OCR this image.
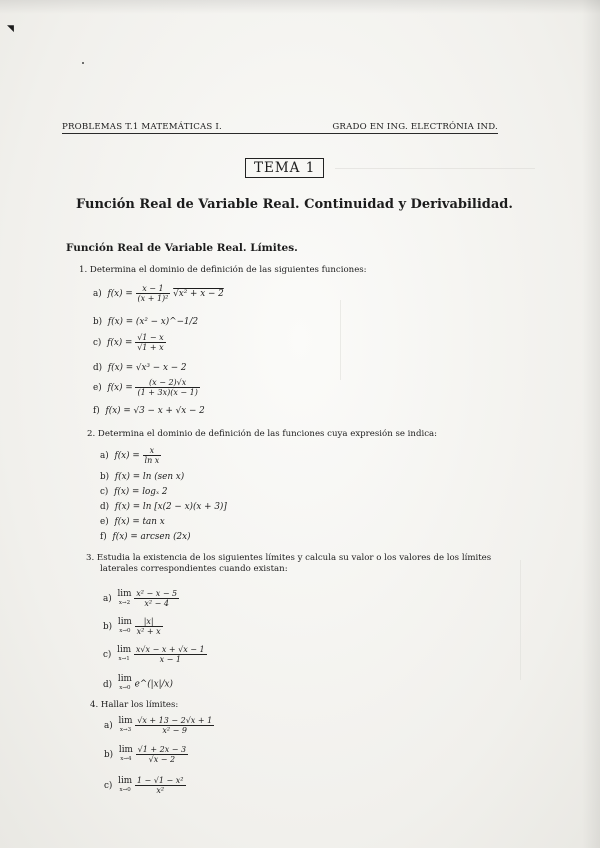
◥
PROBLEMAS T.1 MATEMÁTICAS I.	GRADO EN ING. ELECTRÓNIA IND.
TEMA 1
Función Real de Variable Real. Continuidad y Derivabilidad.
Función Real de Variable Real. Límites.
1. Determina el dominio de definición de las siguientes funciones:
a) $f(x) = \frac{x - 1}{\text{(x + 1)²}} √x^2 + x - 2$
b) f(x) = (x² − x)^−1/2
c) $f(x) = \frac{√1 - x}{√1 + x}$
d) f(x) = √x³ − x − 2
e) $f(x) = \frac{(x - 2)√x}{(1 + 3x)(x - 1)}$
f) f(x) = √3 − x + √x − 2
2. Determina el dominio de definición de las funciones cuya expresión se indica:
a) $f(x) = \frac{x}{\text{ln x}}$
b) f(x) = ln (sen x)
c) f(x) = logₓ 2
d) f(x) = ln [x(2 − x)(x + 3)]
e) f(x) = tan x
f) f(x) = arcsen (2x)
3. Estudia la existencia de los siguientes límites y calcula su valor o los valores de los límites
laterales correspondientes cuando existan:
a) lim
x→2
$\frac{\text{x² − x − 5}}{\text{x² − 4}}$
b) lim
x→0
$\frac{|x|}{\text{x² + x}}$
c) lim
x→1
$\frac{x√x - x + √x - 1}{x - 1}$
d) lim
x→0 e^(|x|/x)
4. Hallar los límites:
a) lim
x→3
$\frac{√x + 13 - 2√x + 1}{\text{x² − 9}}$
b) lim
x→4
$\frac{√1 + 2x - 3}{√x - 2}$
c) lim
x→0
$\frac{\text{1 − √1 − x²}}{\text{x²}}$
